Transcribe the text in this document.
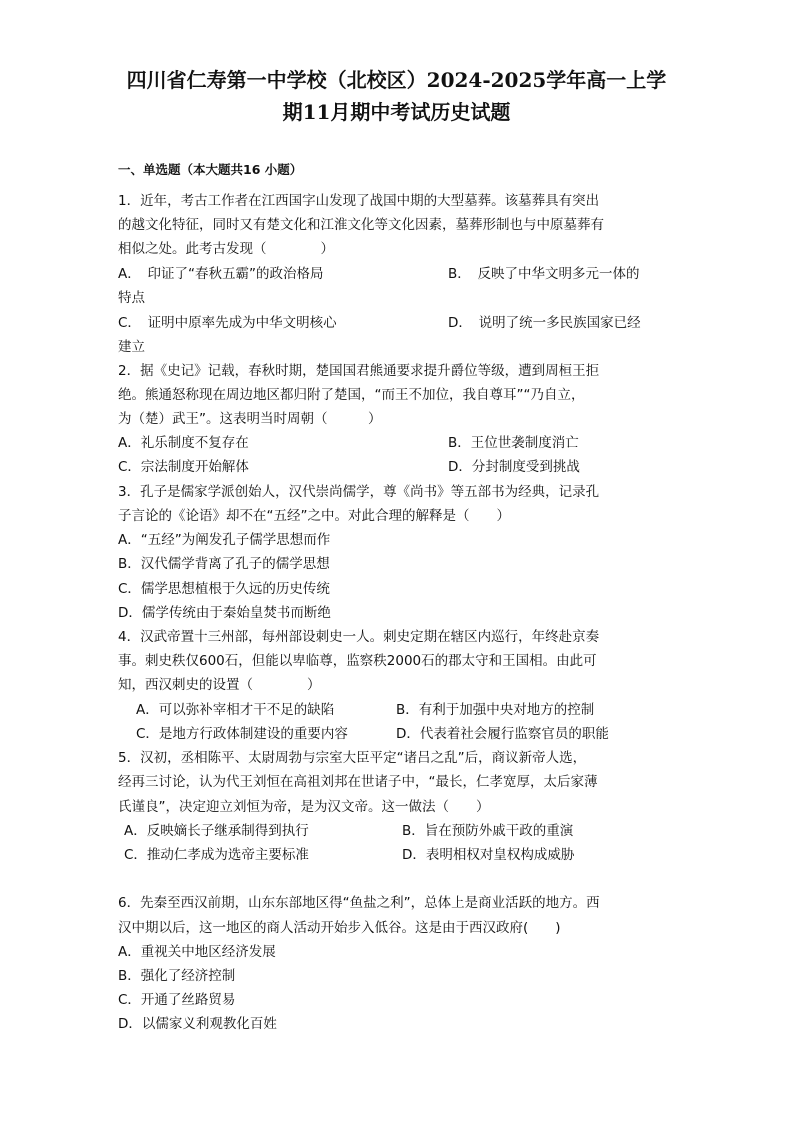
四川省仁寿第一中学校（北校区）2024-2025学年高一上学
期11月期中考试历史试题
一、单选题（本大题共16 小题）
1．近年，考古工作者在江西国字山发现了战国中期的大型墓葬。该墓葬具有突出
的越文化特征，同时又有楚文化和江淮文化等文化因素，墓葬形制也与中原墓葬有
相似之处。此考古发现（　　　　）
A．　印证了“春秋五霸”的政治格局	B．　反映了中华文明多元一体的
特点
C．　证明中原率先成为中华文明核心	D．　说明了统一多民族国家已经
建立
2．据《史记》记载，春秋时期，楚国国君熊通要求提升爵位等级，遭到周桓王拒
绝。熊通怒称现在周边地区都归附了楚国，“而王不加位，我自尊耳”“乃自立，
为（楚）武王”。这表明当时周朝（　　　）
A．礼乐制度不复存在	B．王位世袭制度消亡
C．宗法制度开始解体	D．分封制度受到挑战
3．孔子是儒家学派创始人，汉代崇尚儒学，尊《尚书》等五部书为经典，记录孔
子言论的《论语》却不在“五经”之中。对此合理的解释是（　　）
A．“五经”为阐发孔子儒学思想而作
B．汉代儒学背离了孔子的儒学思想
C．儒学思想植根于久远的历史传统
D．儒学传统由于秦始皇焚书而断绝
4．汉武帝置十三州部，每州部设刺史一人。刺史定期在辖区内巡行，年终赴京奏
事。刺史秩仅600石，但能以卑临尊，监察秩2000石的郡太守和王国相。由此可
知，西汉刺史的设置（　　　　）
A．可以弥补宰相才干不足的缺陷	B．有利于加强中央对地方的控制
C．是地方行政体制建设的重要内容	D．代表着社会履行监察官员的职能
5．汉初，丞相陈平、太尉周勃与宗室大臣平定“诸吕之乱”后，商议新帝人选，
经再三讨论，认为代王刘恒在高祖刘邦在世诸子中，“最长，仁孝宽厚，太后家薄
氏谨良”，决定迎立刘恒为帝，是为汉文帝。这一做法（　　）
A．反映嫡长子继承制得到执行	B．旨在预防外戚干政的重演
C．推动仁孝成为选帝主要标准	D．表明相权对皇权构成威胁
6．先秦至西汉前期，山东东部地区得“鱼盐之利”，总体上是商业活跃的地方。西
汉中期以后，这一地区的商人活动开始步入低谷。这是由于西汉政府(　　)
A．重视关中地区经济发展
B．强化了经济控制
C．开通了丝路贸易
D．以儒家义利观教化百姓
